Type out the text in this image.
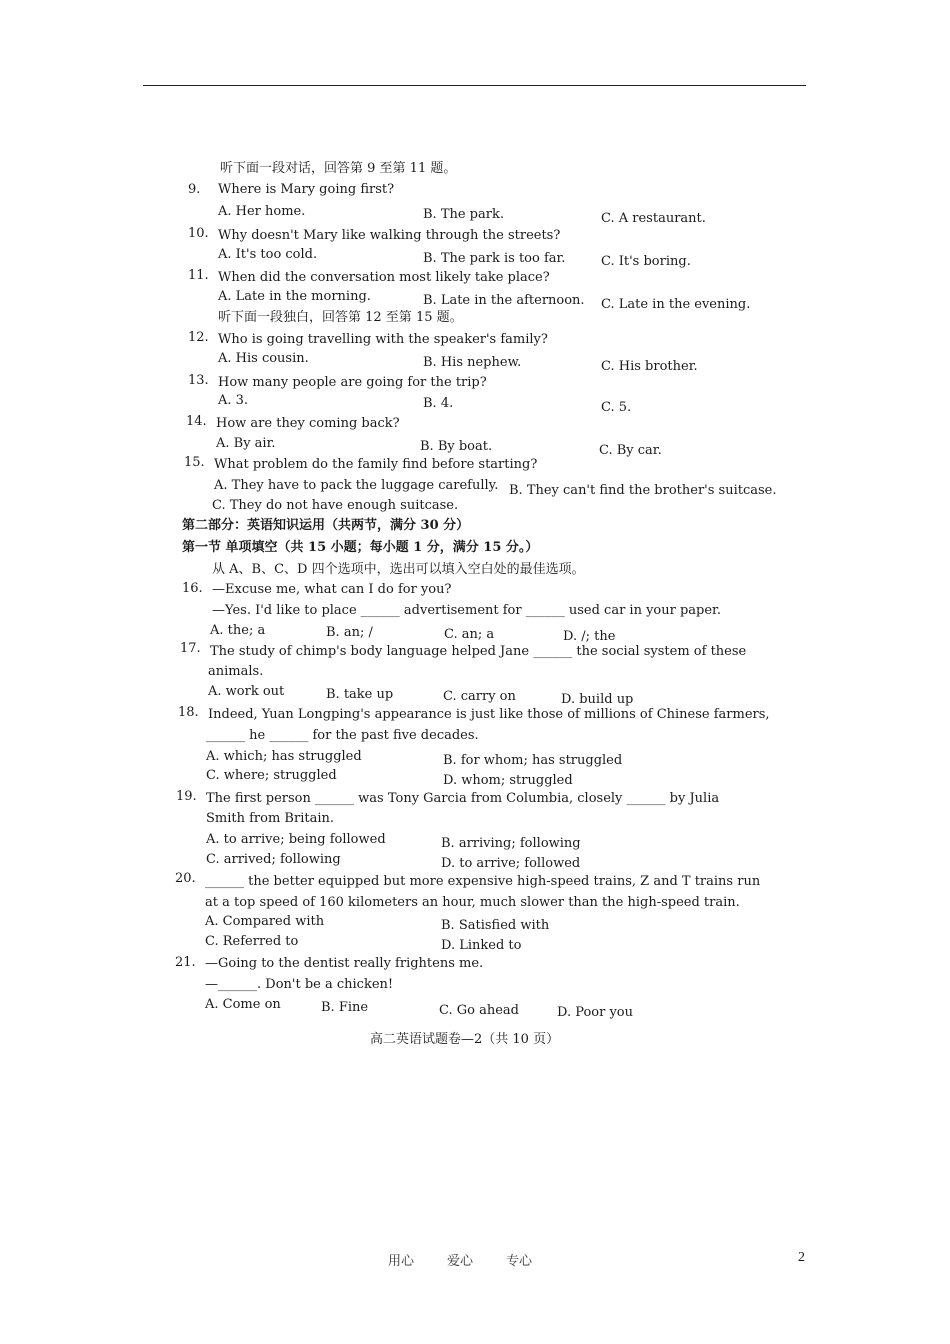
听下面一段对话，回答第 9 至第 11 题。
9. Where is Mary going first?
A. Her home.	B. The park.	C. A restaurant.
10. Why doesn't Mary like walking through the streets?
A. It's too cold.	B. The park is too far.	C. It's boring.
11. When did the conversation most likely take place?
A. Late in the morning.	B. Late in the afternoon. C. Late in the evening.
听下面一段独白，回答第 12 至第 15 题。
12. Who is going travelling with the speaker's family?
A. His cousin.	B. His nephew.	C. His brother.
13. How many people are going for the trip?
A. 3.	B. 4.	C. 5.
14. How are they coming back?
A. By air.	B. By boat.	C. By car.
15. What problem do the family find before starting?
A. They have to pack the luggage carefully. B. They can't find the brother's suitcase.
C. They do not have enough suitcase.
第二部分：英语知识运用（共两节，满分 30 分）
第一节 单项填空（共 15 小题；每小题 1 分，满分 15 分。）
从 A、B、C、D 四个选项中，选出可以填入空白处的最佳选项。
16. —Excuse me, what can I do for you?
—Yes. I'd like to place ______ advertisement for ______ used car in your paper.
A. the; a	B. an; /	C. an; a	D. /; the
17. The study of chimp's body language helped Jane ______ the social system of these
animals.
A. work out	B. take up	C. carry on	D. build up
18. Indeed, Yuan Longping's appearance is just like those of millions of Chinese farmers,
______ he ______ for the past five decades.
A. which; has struggled	B. for whom; has struggled
C. where; struggled	D. whom; struggled
19. The first person ______ was Tony Garcia from Columbia, closely ______ by Julia
Smith from Britain.
A. to arrive; being followed	B. arriving; following
C. arrived; following	D. to arrive; followed
20. ______ the better equipped but more expensive high-speed trains, Z and T trains run
at a top speed of 160 kilometers an hour, much slower than the high-speed train.
A. Compared with	B. Satisfied with
C. Referred to	D. Linked to
21. —Going to the dentist really frightens me.
—______. Don't be a chicken!
A. Come on	B. Fine	C. Go ahead	D. Poor you
高二英语试题卷—2（共 10 页）
用心	爱心	专心	2
